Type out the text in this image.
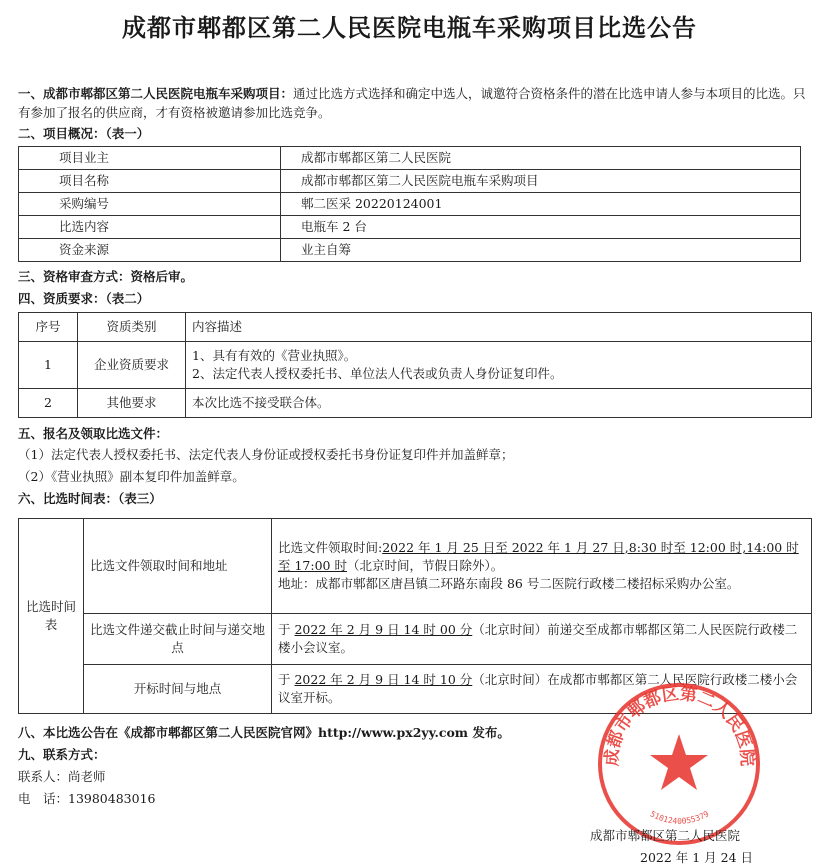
成都市郫都区第二人民医院电瓶车采购项目比选公告
一、成都市郫都区第二人民医院电瓶车采购项目：通过比选方式选择和确定中选人，诚邀符合资格条件的潜在比选申请人参与本项目的比选。只有参加了报名的供应商，才有资格被邀请参加比选竞争。
二、项目概况：（表一）
项目业主	成都市郫都区第二人民医院
项目名称	成都市郫都区第二人民医院电瓶车采购项目
采购编号	郫二医采 20220124001
比选内容	电瓶车 2 台
资金来源	业主自筹
三、资格审查方式：资格后审。
四、资质要求：（表二）
序号	资质类别	内容描述
1	企业资质要求	1、具有有效的《营业执照》。
2、法定代表人授权委托书、单位法人代表或负责人身份证复印件。

2	其他要求	本次比选不接受联合体。
五、报名及领取比选文件：
（1）法定代表人授权委托书、法定代表人身份证或授权委托书身份证复印件并加盖鲜章；
（2）《营业执照》副本复印件加盖鲜章。
六、比选时间表：（表三）
比选时间表	比选文件领取时间和地址	比选文件领取时间:2022 年 1 月 25 日至 2022 年 1 月 27 日,8:30 时至 12:00 时,14:00 时至 17:00 时（北京时间，节假日除外）。
地址：成都市郫都区唐昌镇二环路东南段 86 号二医院行政楼二楼招标采购办公室。

	比选文件递交截止时间与递交地点	于 2022 年 2 月 9 日 14 时 00 分（北京时间）前递交至成都市郫都区第二人民医院行政楼二楼小会议室。
	开标时间与地点	于 2022 年 2 月 9 日 14 时 10 分（北京时间）在成都市郫都区第二人民医院行政楼二楼小会议室开标。
八、本比选公告在《成都市郫都区第二人民医院官网》http://www.px2yy.com 发布。
九、联系方式：
联系人：尚老师
电　话：13980483016
成都市郫都区第二人民医院
5101240055379
成都市郫都区第二人民医院
2022 年 1 月 24 日
